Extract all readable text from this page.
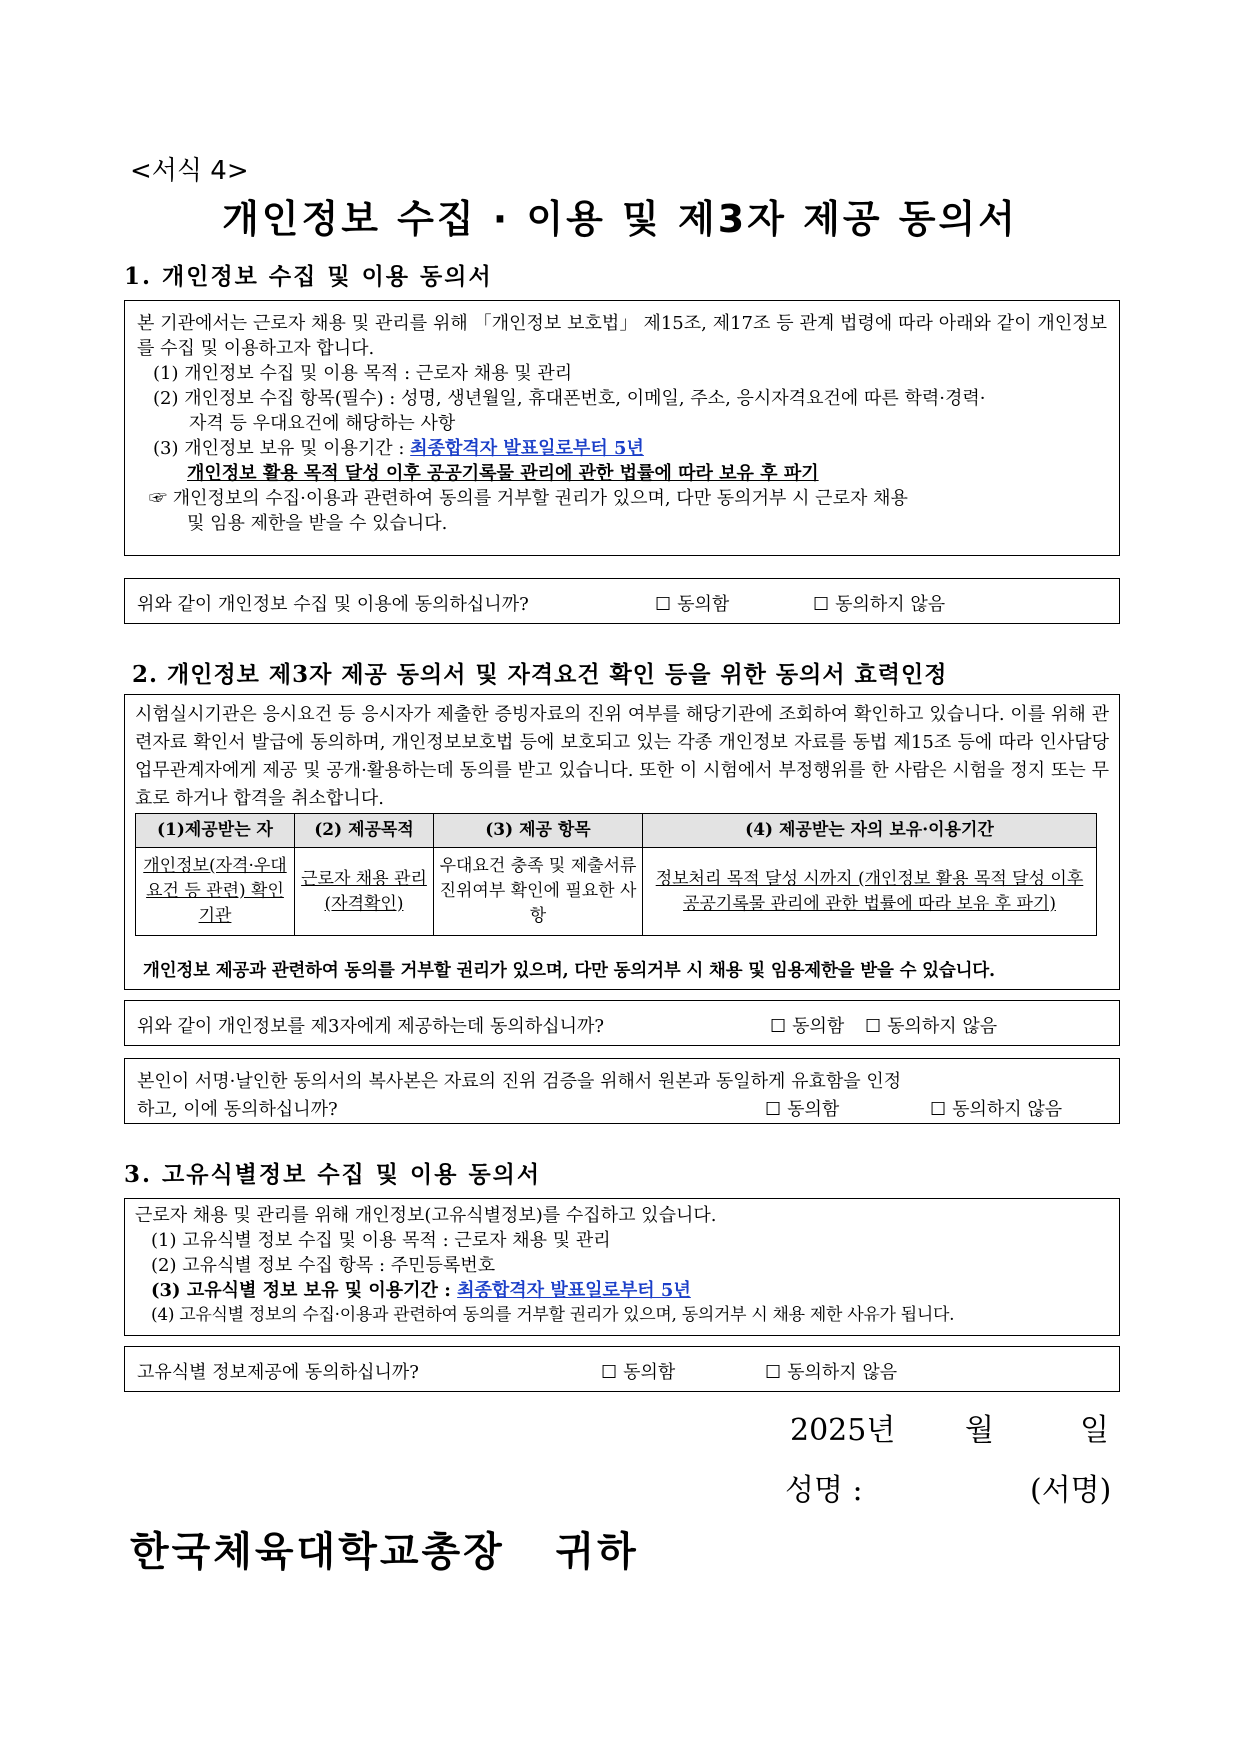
<서식 4>
개인정보 수집 · 이용 및 제3자 제공 동의서
1. 개인정보 수집 및 이용 동의서

본 기관에서는 근로자 채용 및 관리를 위해 「개인정보 보호법」 제15조, 제17조 등 관계 법령에 따라 아래와 같이 개인정보를 수집 및 이용하고자 합니다.

(1) 개인정보 수집 및 이용 목적 : 근로자 채용 및 관리

(2) 개인정보 수집 항목(필수) : 성명, 생년월일, 휴대폰번호, 이메일, 주소, 응시자격요건에 따른 학력·경력·

자격 등 우대요건에 해당하는 사항

(3) 개인정보 보유 및 이용기간 : 최종합격자 발표일로부터 5년

개인정보 활용 목적 달성 이후 공공기록물 관리에 관한 법률에 따라 보유 후 파기

☞ 개인정보의 수집·이용과 관련하여 동의를 거부할 권리가 있으며, 다만 동의거부 시 근로자 채용

및 임용 제한을 받을 수 있습니다.

위와 같이 개인정보 수집 및 이용에 동의하십니까?	☐ 동의함	☐ 동의하지 않음
2. 개인정보 제3자 제공 동의서 및 자격요건 확인 등을 위한 동의서 효력인정

시험실시기관은 응시요건 등 응시자가 제출한 증빙자료의 진위 여부를 해당기관에 조회하여 확인하고 있습니다. 이를 위해 관련자료 확인서 발급에 동의하며, 개인정보보호법 등에 보호되고 있는 각종 개인정보 자료를 동법 제15조 등에 따라 인사담당 업무관계자에게 제공 및 공개·활용하는데 동의를 받고 있습니다. 또한 이 시험에서 부정행위를 한 사람은 시험을 정지 또는 무효로 하거나 합격을 취소합니다.

(1)제공받는 자	(2) 제공목적	(3) 제공 항목	(4) 제공받는 자의 보유·이용기간
개인정보(자격·우대요건 등 관련) 확인기관	근로자 채용 관리 (자격확인)	우대요건 충족 및 제출서류 진위여부 확인에 필요한 사항	정보처리 목적 달성 시까지 (개인정보 활용 목적 달성 이후 공공기록물 관리에 관한 법률에 따라 보유 후 파기)

개인정보 제공과 관련하여 동의를 거부할 권리가 있으며, 다만 동의거부 시 채용 및 임용제한을 받을 수 있습니다.

위와 같이 개인정보를 제3자에게 제공하는데 동의하십니까?	☐ 동의함 ☐ 동의하지 않음
본인이 서명·날인한 동의서의 복사본은 자료의 진위 검증을 위해서 원본과 동일하게 유효함을 인정
하고, 이에 동의하십니까?	☐ 동의함	☐ 동의하지 않음
3. 고유식별정보 수집 및 이용 동의서

근로자 채용 및 관리를 위해 개인정보(고유식별정보)를 수집하고 있습니다.

(1) 고유식별 정보 수집 및 이용 목적 : 근로자 채용 및 관리

(2) 고유식별 정보 수집 항목 : 주민등록번호

(3) 고유식별 정보 보유 및 이용기간 : 최종합격자 발표일로부터 5년

(4) 고유식별 정보의 수집·이용과 관련하여 동의를 거부할 권리가 있으며, 동의거부 시 채용 제한 사유가 됩니다.

고유식별 정보제공에 동의하십니까?	☐ 동의함	☐ 동의하지 않음
2025년 월	일
성명 :	(서명)
한국체육대학교총장   귀하
